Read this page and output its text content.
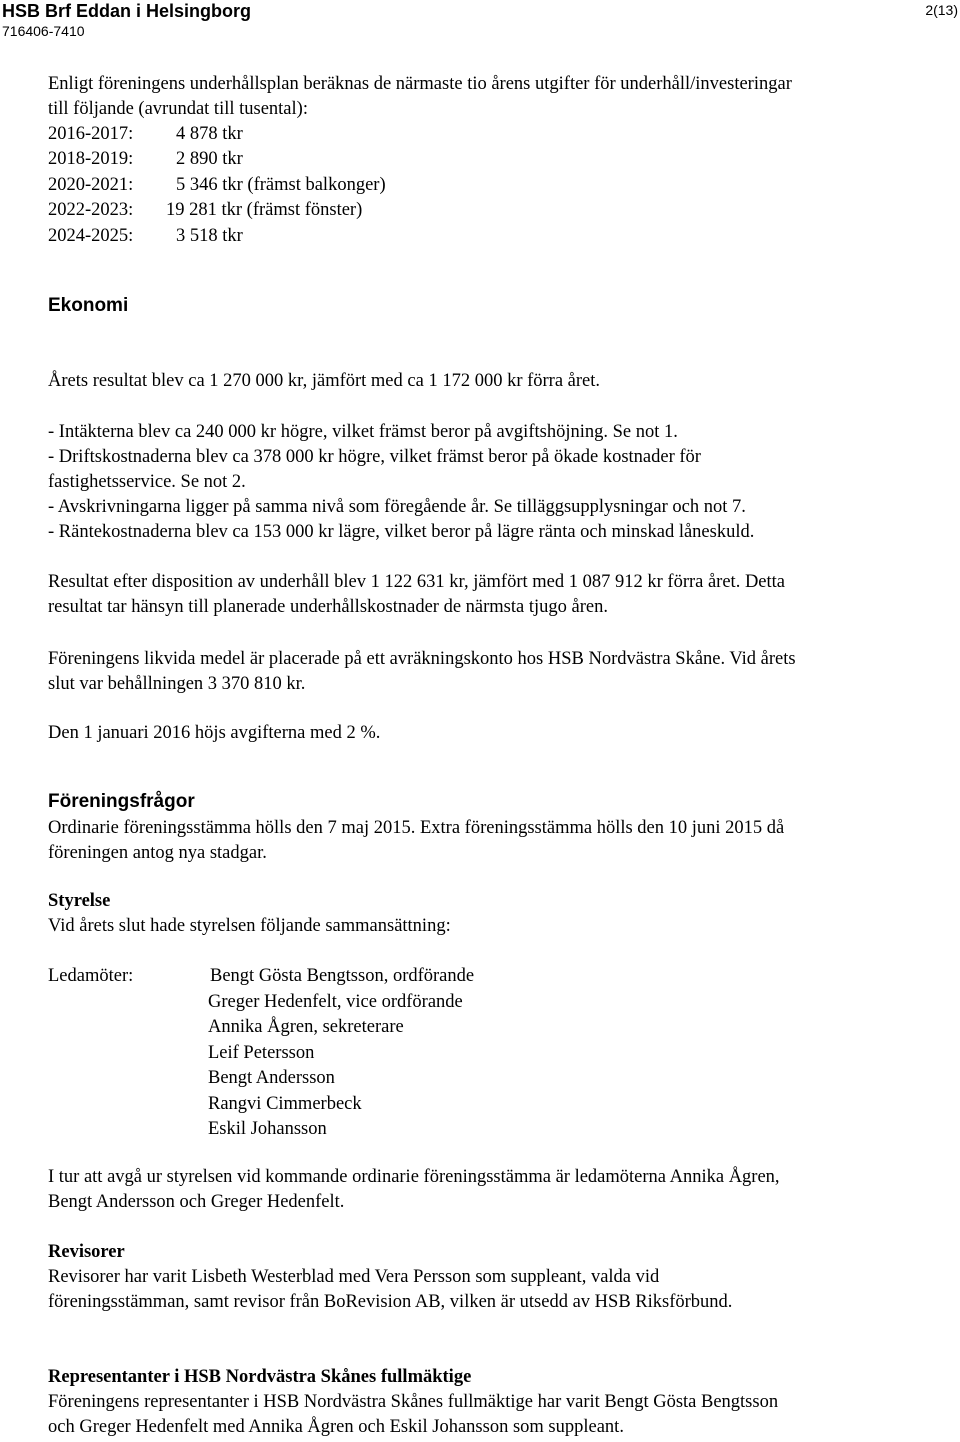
HSB Brf Eddan i Helsingborg
716406-7410
2(13)
Enligt föreningens underhållsplan beräknas de närmaste tio årens utgifter för underhåll/investeringar
till följande (avrundat till tusental):
2016-2017: 4 878 tkr
2018-2019: 2 890 tkr
2020-2021: 5 346 tkr (främst balkonger)
2022-2023: 19 281 tkr (främst fönster)
2024-2025: 3 518 tkr
Ekonomi
Årets resultat blev ca 1 270 000 kr, jämfört med ca 1 172 000 kr förra året.
- Intäkterna blev ca 240 000 kr högre, vilket främst beror på avgiftshöjning. Se not 1.
- Driftskostnaderna blev ca 378 000 kr högre, vilket främst beror på ökade kostnader för
fastighetsservice. Se not 2.
- Avskrivningarna ligger på samma nivå som föregående år. Se tilläggsupplysningar och not 7.
- Räntekostnaderna blev ca 153 000 kr lägre, vilket beror på lägre ränta och minskad låneskuld.
Resultat efter disposition av underhåll blev 1 122 631 kr, jämfört med 1 087 912 kr förra året. Detta
resultat tar hänsyn till planerade underhållskostnader de närmsta tjugo åren.
Föreningens likvida medel är placerade på ett avräkningskonto hos HSB Nordvästra Skåne. Vid årets
slut var behållningen 3 370 810 kr.
Den 1 januari 2016 höjs avgifterna med 2 %.
Föreningsfrågor
Ordinarie föreningsstämma hölls den 7 maj 2015. Extra föreningsstämma hölls den 10 juni 2015 då
föreningen antog nya stadgar.
Styrelse
Vid årets slut hade styrelsen följande sammansättning:
Ledamöter:	Bengt Gösta Bengtsson, ordförande
Greger Hedenfelt, vice ordförande
Annika Ågren, sekreterare
Leif Petersson
Bengt Andersson
Rangvi Cimmerbeck
Eskil Johansson
I tur att avgå ur styrelsen vid kommande ordinarie föreningsstämma är ledamöterna Annika Ågren,
Bengt Andersson och Greger Hedenfelt.
Revisorer
Revisorer har varit Lisbeth Westerblad med Vera Persson som suppleant, valda vid
föreningsstämman, samt revisor från BoRevision AB, vilken är utsedd av HSB Riksförbund.
Representanter i HSB Nordvästra Skånes fullmäktige
Föreningens representanter i HSB Nordvästra Skånes fullmäktige har varit Bengt Gösta Bengtsson
och Greger Hedenfelt med Annika Ågren och Eskil Johansson som suppleant.
